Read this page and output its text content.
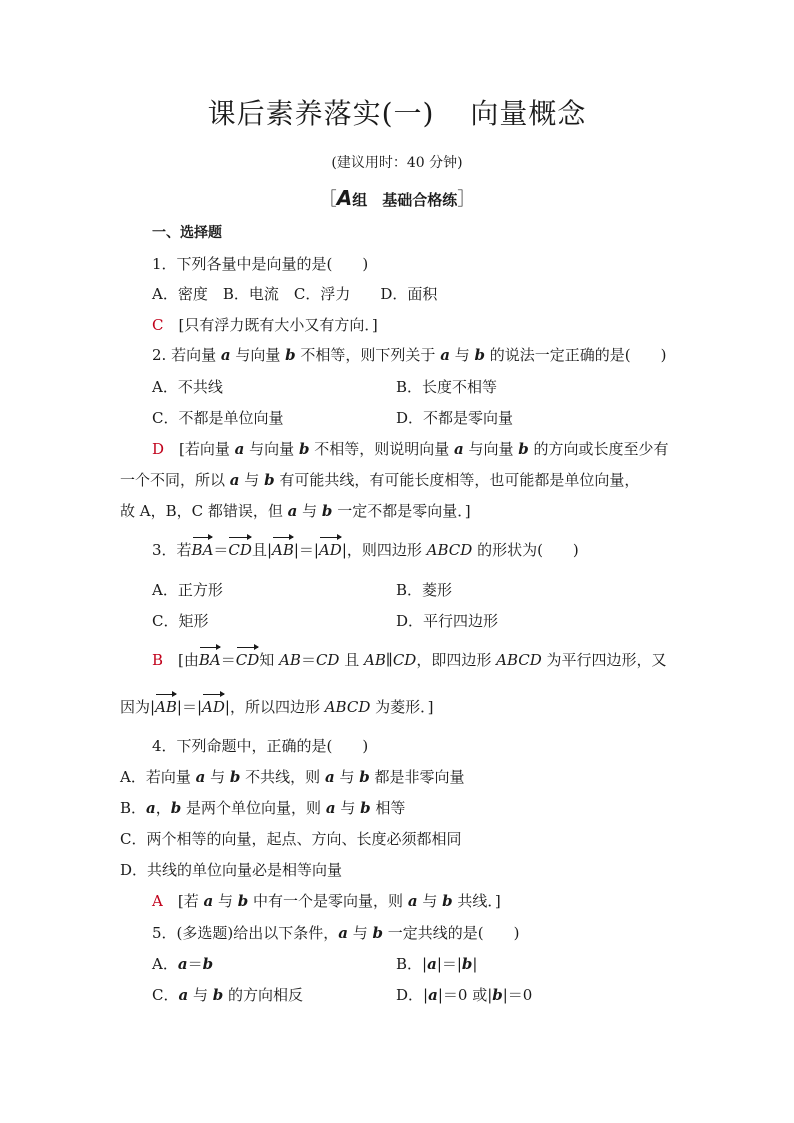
课后素养落实(一) 向量概念
(建议用时：40 分钟)
［A组　基础合格练］
一、选择题
1．下列各量中是向量的是(　　)
A．密度　B．电流　C．浮力　　D．面积
C　 [只有浮力既有大小又有方向．]
2. 若向量 a 与向量 b 不相等，则下列关于 a 与 b 的说法一定正确的是(　　)
A．不共线	B．长度不相等
C．不都是单位向量	D．不都是零向量
D　 [若向量 a 与向量 b 不相等，则说明向量 a 与向量 b 的方向或长度至少有
一个不同，所以 a 与 b 有可能共线，有可能长度相等，也可能都是单位向量，
故 A，B，C 都错误，但 a 与 b 一定不都是零向量．]
3．若BA＝CD且|AB|＝|AD|，则四边形 ABCD 的形状为(　　)
A．正方形	B．菱形
C．矩形	D．平行四边形
B　 [由BA＝CD知 AB＝CD 且 AB∥CD，即四边形 ABCD 为平行四边形，又
因为|AB|＝|AD|，所以四边形 ABCD 为菱形．]
4．下列命题中，正确的是(　　)
A．若向量 a 与 b 不共线，则 a 与 b 都是非零向量
B．a，b 是两个单位向量，则 a 与 b 相等
C．两个相等的向量，起点、方向、长度必须都相同
D．共线的单位向量必是相等向量
A　 [若 a 与 b 中有一个是零向量，则 a 与 b 共线．]
5．(多选题)给出以下条件，a 与 b 一定共线的是(　　)
A．a＝b	B．|a|＝|b|
C．a 与 b 的方向相反	D．|a|＝0 或|b|＝0
